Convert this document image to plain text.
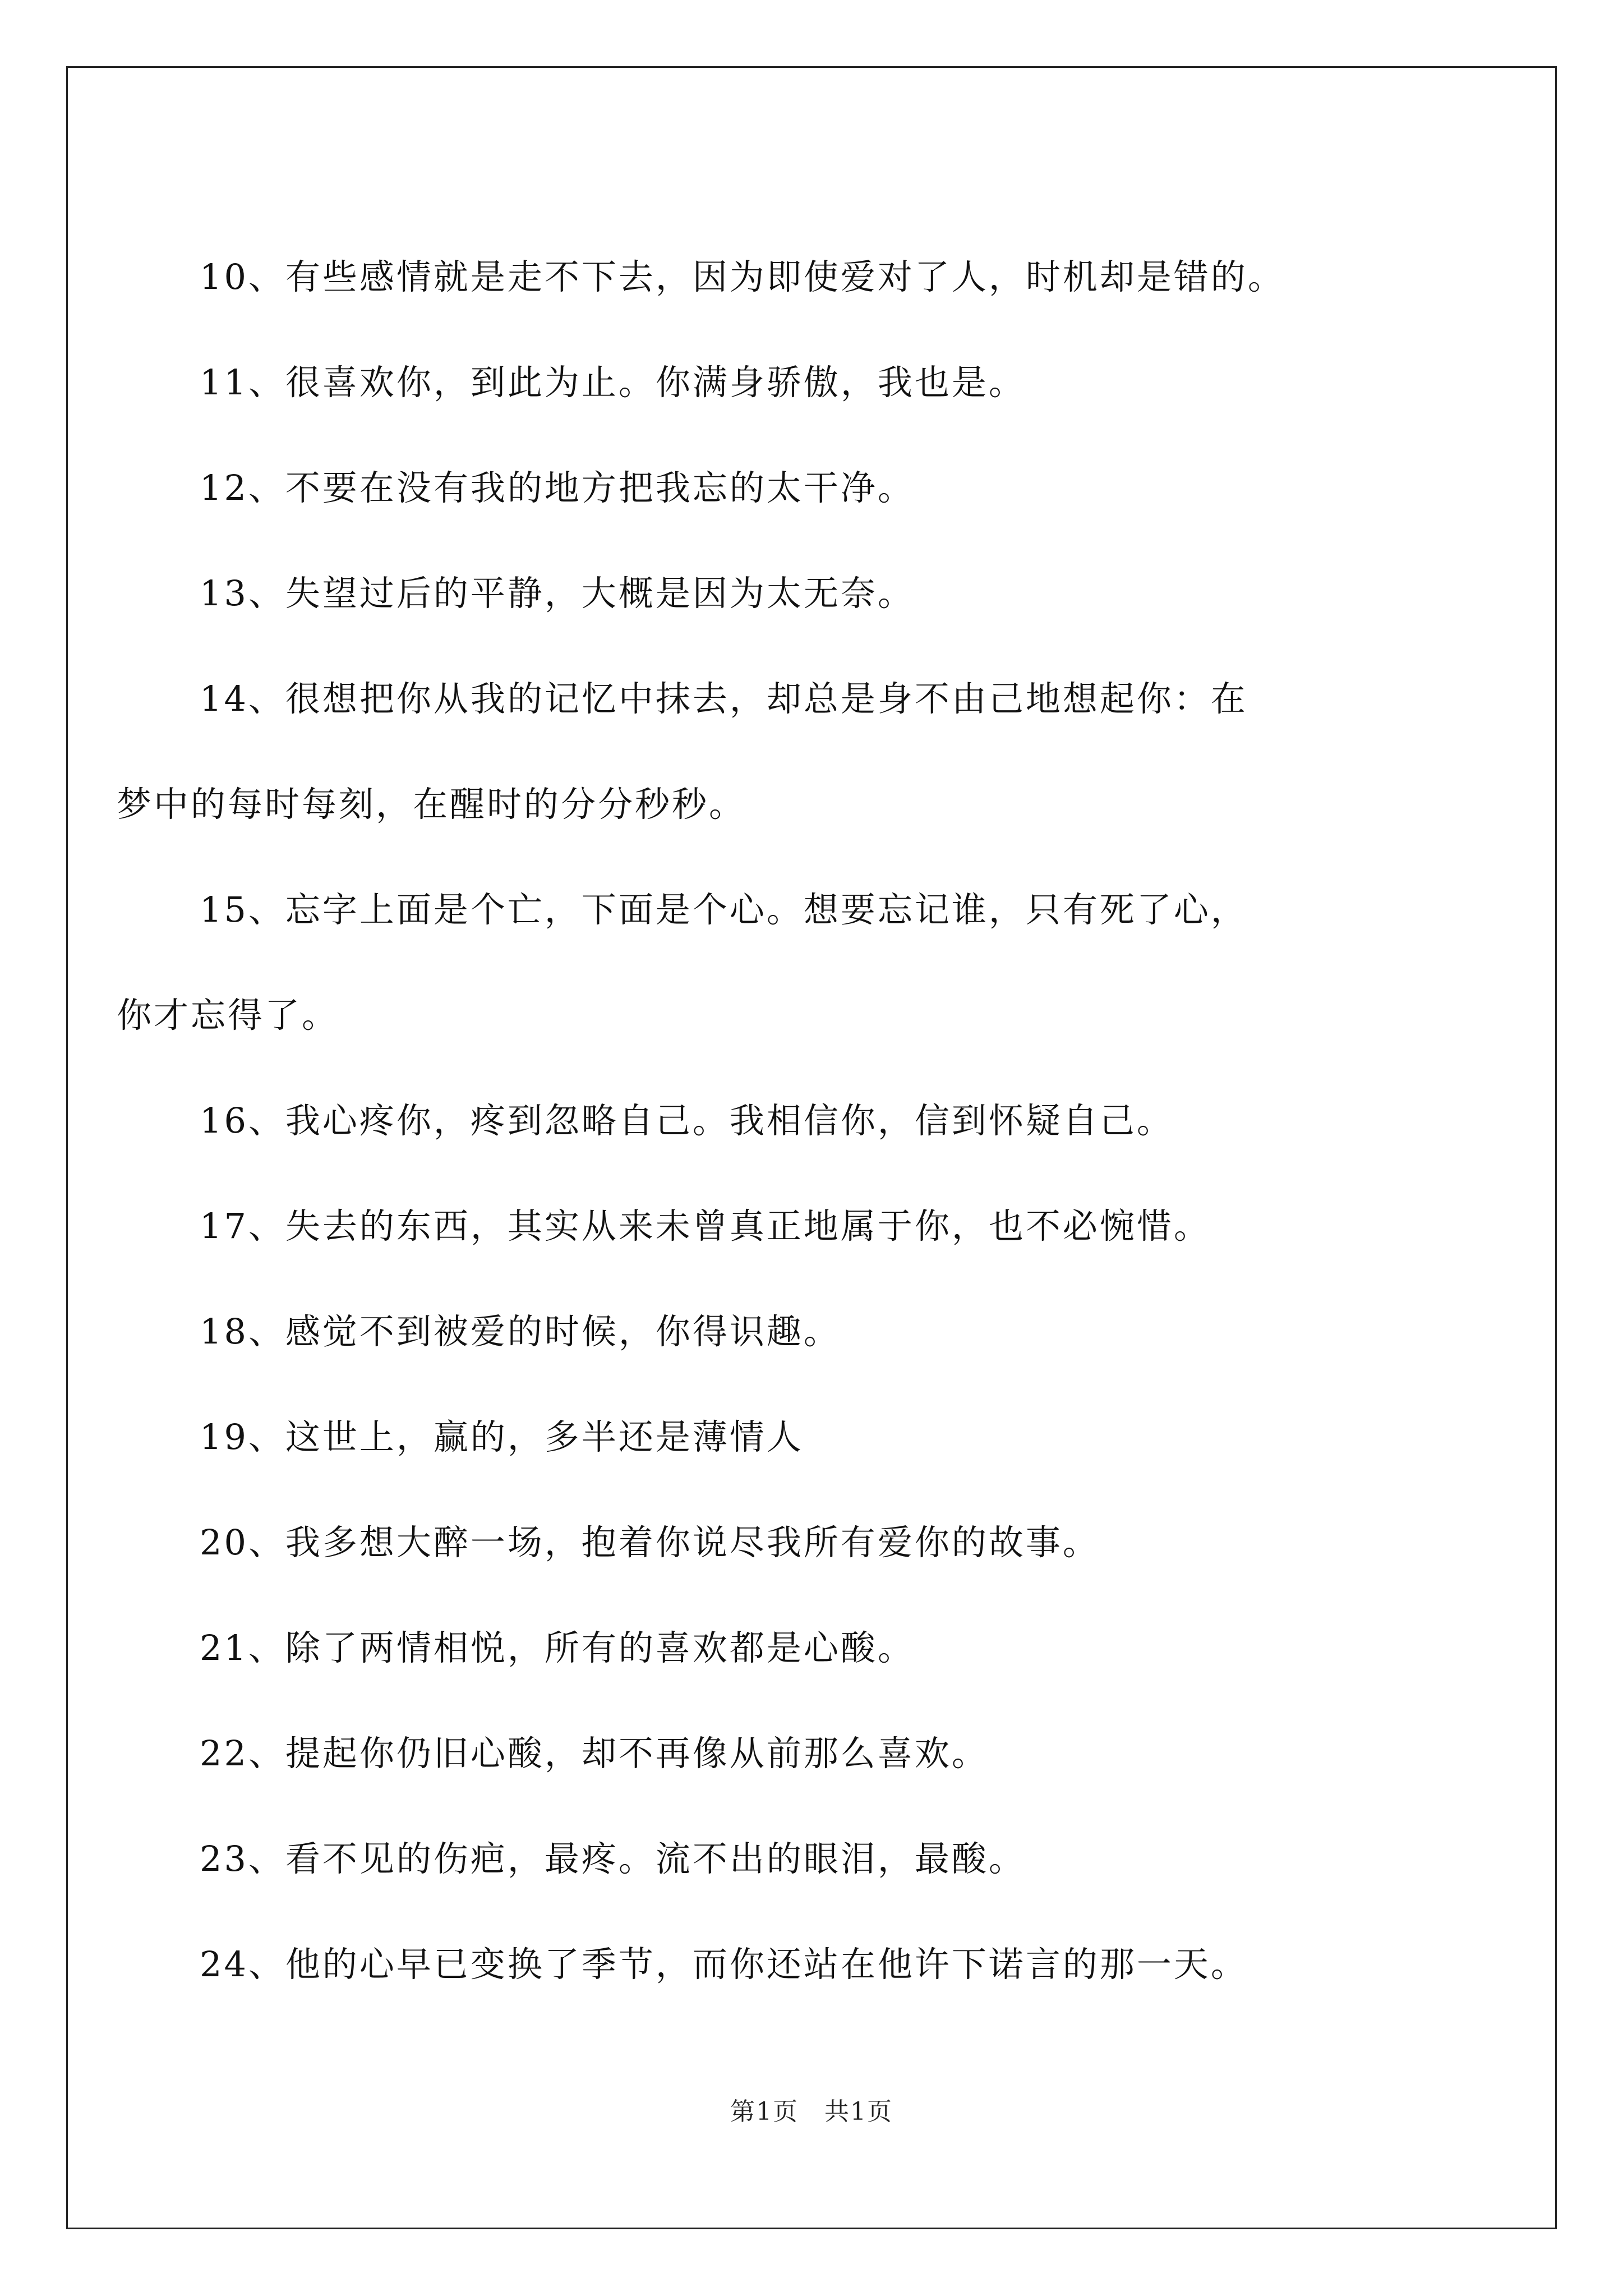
10、有些感情就是走不下去，因为即使爱对了人，时机却是错的。

11、很喜欢你，到此为止。你满身骄傲，我也是。

12、不要在没有我的地方把我忘的太干净。

13、失望过后的平静，大概是因为太无奈。

14、很想把你从我的记忆中抹去，却总是身不由己地想起你：在
梦中的每时每刻，在醒时的分分秒秒。

15、忘字上面是个亡，下面是个心。想要忘记谁，只有死了心，
你才忘得了。

16、我心疼你，疼到忽略自己。我相信你，信到怀疑自己。

17、失去的东西，其实从来未曾真正地属于你，也不必惋惜。

18、感觉不到被爱的时候，你得识趣。

19、这世上，赢的，多半还是薄情人

20、我多想大醉一场，抱着你说尽我所有爱你的故事。

21、除了两情相悦，所有的喜欢都是心酸。

22、提起你仍旧心酸，却不再像从前那么喜欢。

23、看不见的伤疤，最疼。流不出的眼泪，最酸。

24、他的心早已变换了季节，而你还站在他许下诺言的那一天。

第1页　共1页
